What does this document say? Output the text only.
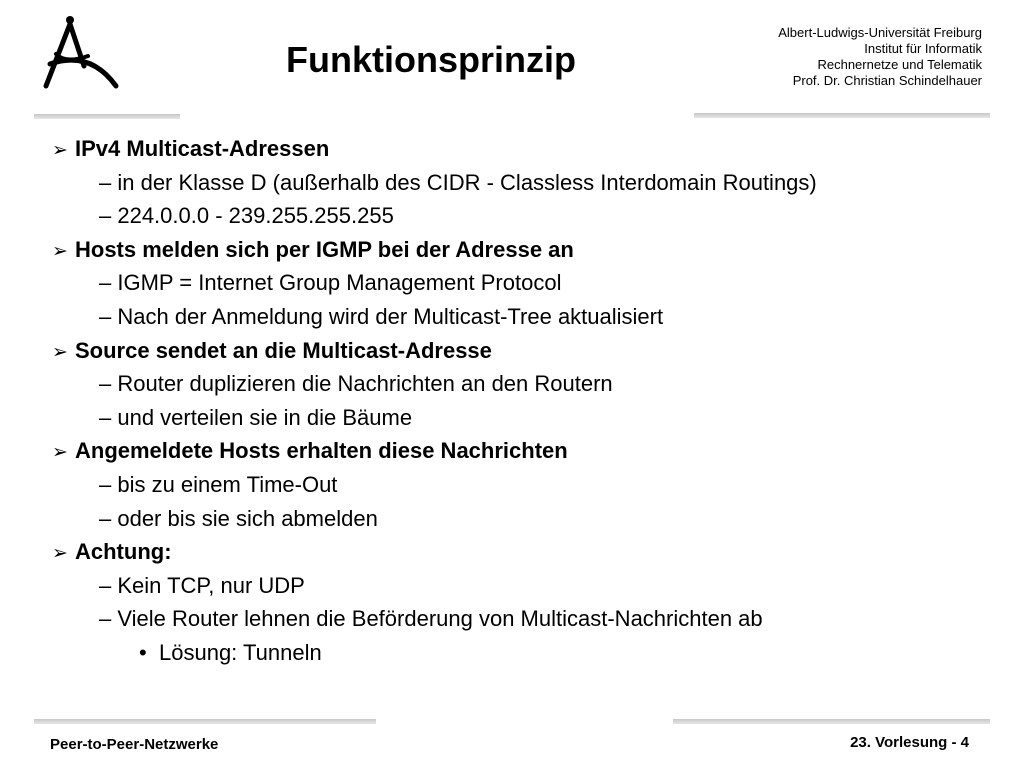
Funktionsprinzip
Albert-Ludwigs-Universität Freiburg
Institut für Informatik
Rechnernetze und Telematik
Prof. Dr. Christian Schindelhauer
➢ IPv4 Multicast-Adressen
– in der Klasse D (außerhalb des CIDR - Classless Interdomain Routings)
– 224.0.0.0 - 239.255.255.255
➢ Hosts melden sich per IGMP bei der Adresse an
– IGMP = Internet Group Management Protocol
– Nach der Anmeldung wird der Multicast-Tree aktualisiert
➢ Source sendet an die Multicast-Adresse
– Router duplizieren die Nachrichten an den Routern
– und verteilen sie in die Bäume
➢ Angemeldete Hosts erhalten diese Nachrichten
– bis zu einem Time-Out
– oder bis sie sich abmelden
➢ Achtung:
– Kein TCP, nur UDP
– Viele Router lehnen die Beförderung von Multicast-Nachrichten ab
• Lösung: Tunneln
Peer-to-Peer-Netzwerke	23. Vorlesung - 4
